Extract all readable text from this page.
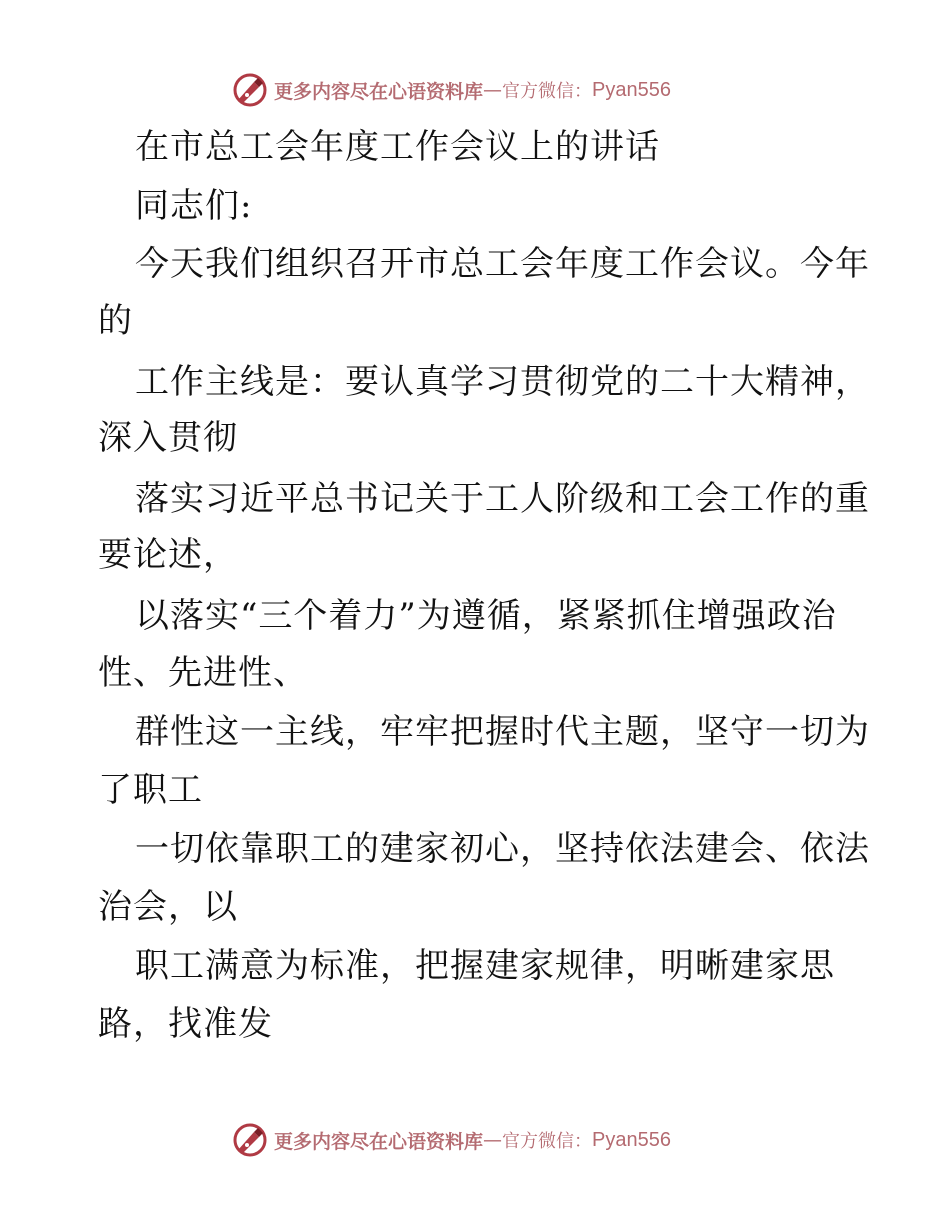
更多内容尽在心语资料库 — 官方微信： Pyan556
在市总工会年度工作会议上的讲话
同志们:
今天我们组织召开市总工会年度工作会议。今年
的
工作主线是：要认真学习贯彻党的二十大精神，
深入贯彻
落实习近平总书记关于工人阶级和工会工作的重
要论述，
以落实“三个着力”为遵循，紧紧抓住增强政治
性、先进性、
群性这一主线，牢牢把握时代主题，坚守一切为
了职工
一切依靠职工的建家初心，坚持依法建会、依法
治会，以
职工满意为标准，把握建家规律，明晰建家思
路，找准发
更多内容尽在心语资料库 — 官方微信： Pyan556
